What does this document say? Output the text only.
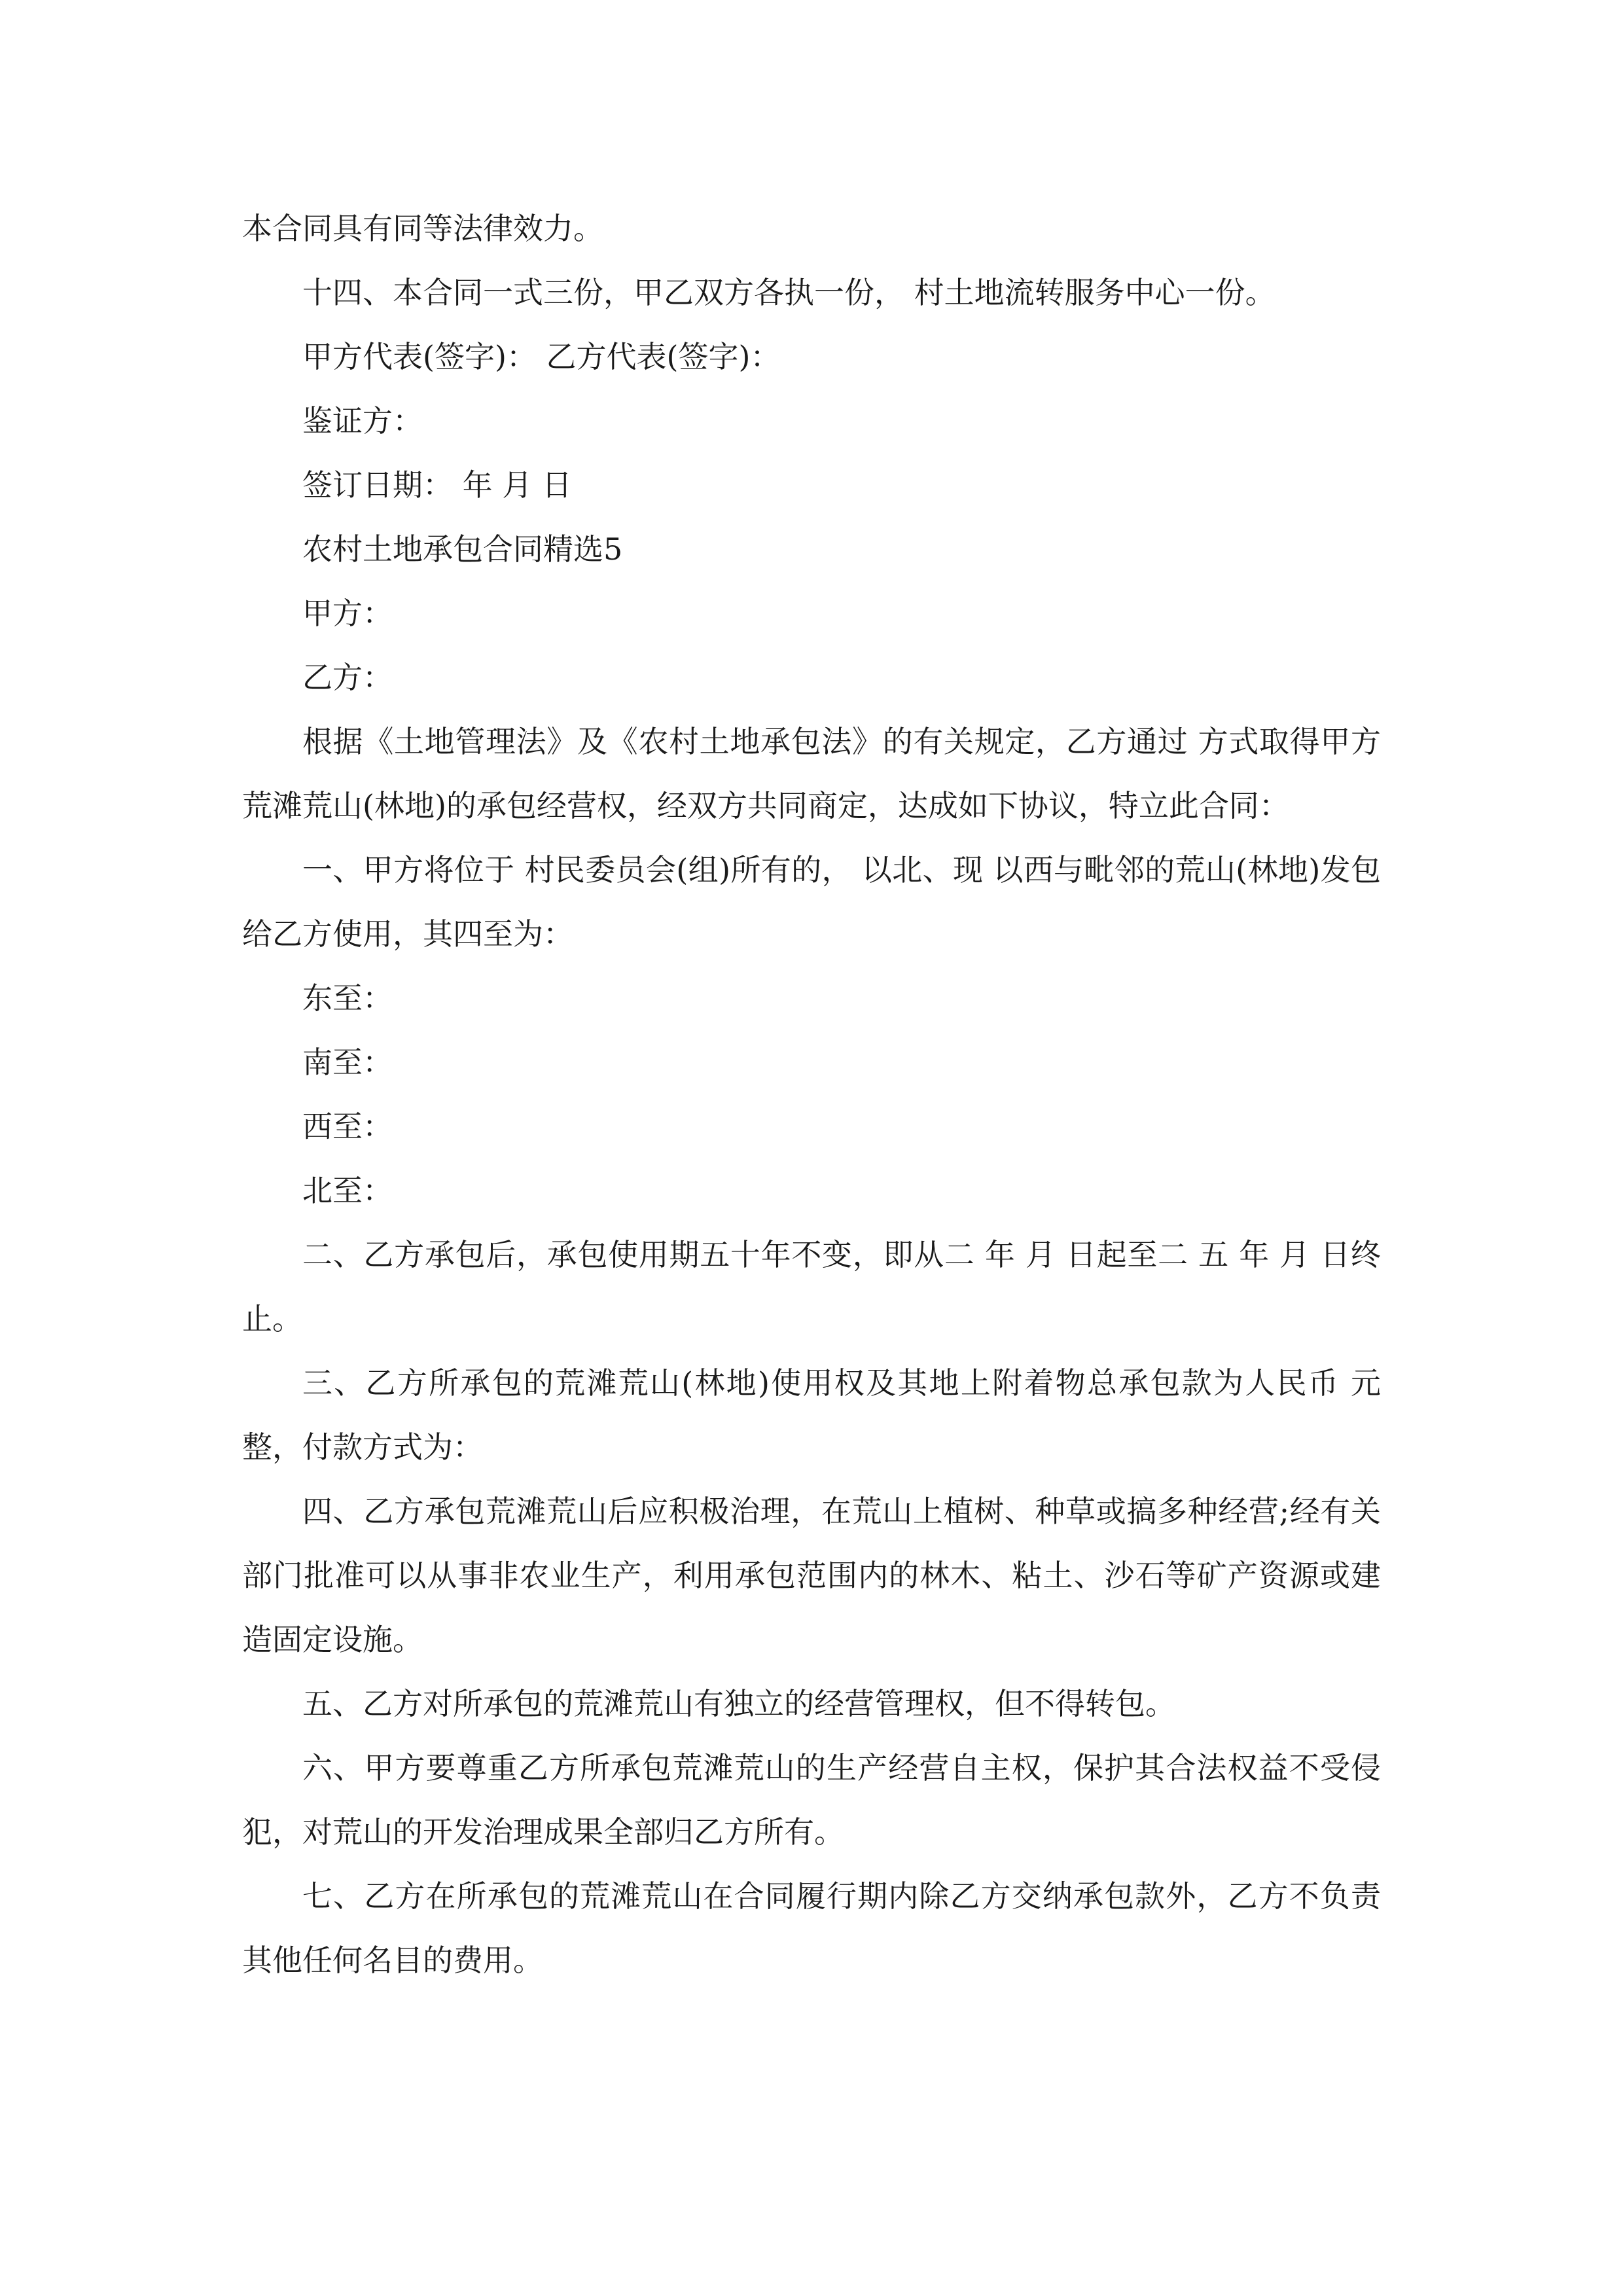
本合同具有同等法律效力。

十四、本合同一式三份，甲乙双方各执一份， 村土地流转服务中心一份。

甲方代表(签字)： 乙方代表(签字)：

鉴证方：

签订日期： 年 月 日

农村土地承包合同精选5

甲方：

乙方：

根据《土地管理法》及《农村土地承包法》的有关规定，乙方通过 方式取得甲方荒滩荒山(林地)的承包经营权，经双方共同商定，达成如下协议，特立此合同：

一、甲方将位于 村民委员会(组)所有的， 以北、现 以西与毗邻的荒山(林地)发包给乙方使用，其四至为：

东至：

南至：

西至：

北至：

二、乙方承包后，承包使用期五十年不变，即从二 年 月 日起至二 五 年 月 日终止。

三、乙方所承包的荒滩荒山(林地)使用权及其地上附着物总承包款为人民币 元整，付款方式为：

四、乙方承包荒滩荒山后应积极治理，在荒山上植树、种草或搞多种经营;经有关部门批准可以从事非农业生产，利用承包范围内的林木、粘土、沙石等矿产资源或建造固定设施。

五、乙方对所承包的荒滩荒山有独立的经营管理权，但不得转包。

六、甲方要尊重乙方所承包荒滩荒山的生产经营自主权，保护其合法权益不受侵犯，对荒山的开发治理成果全部归乙方所有。

七、乙方在所承包的荒滩荒山在合同履行期内除乙方交纳承包款外，乙方不负责其他任何名目的费用。
